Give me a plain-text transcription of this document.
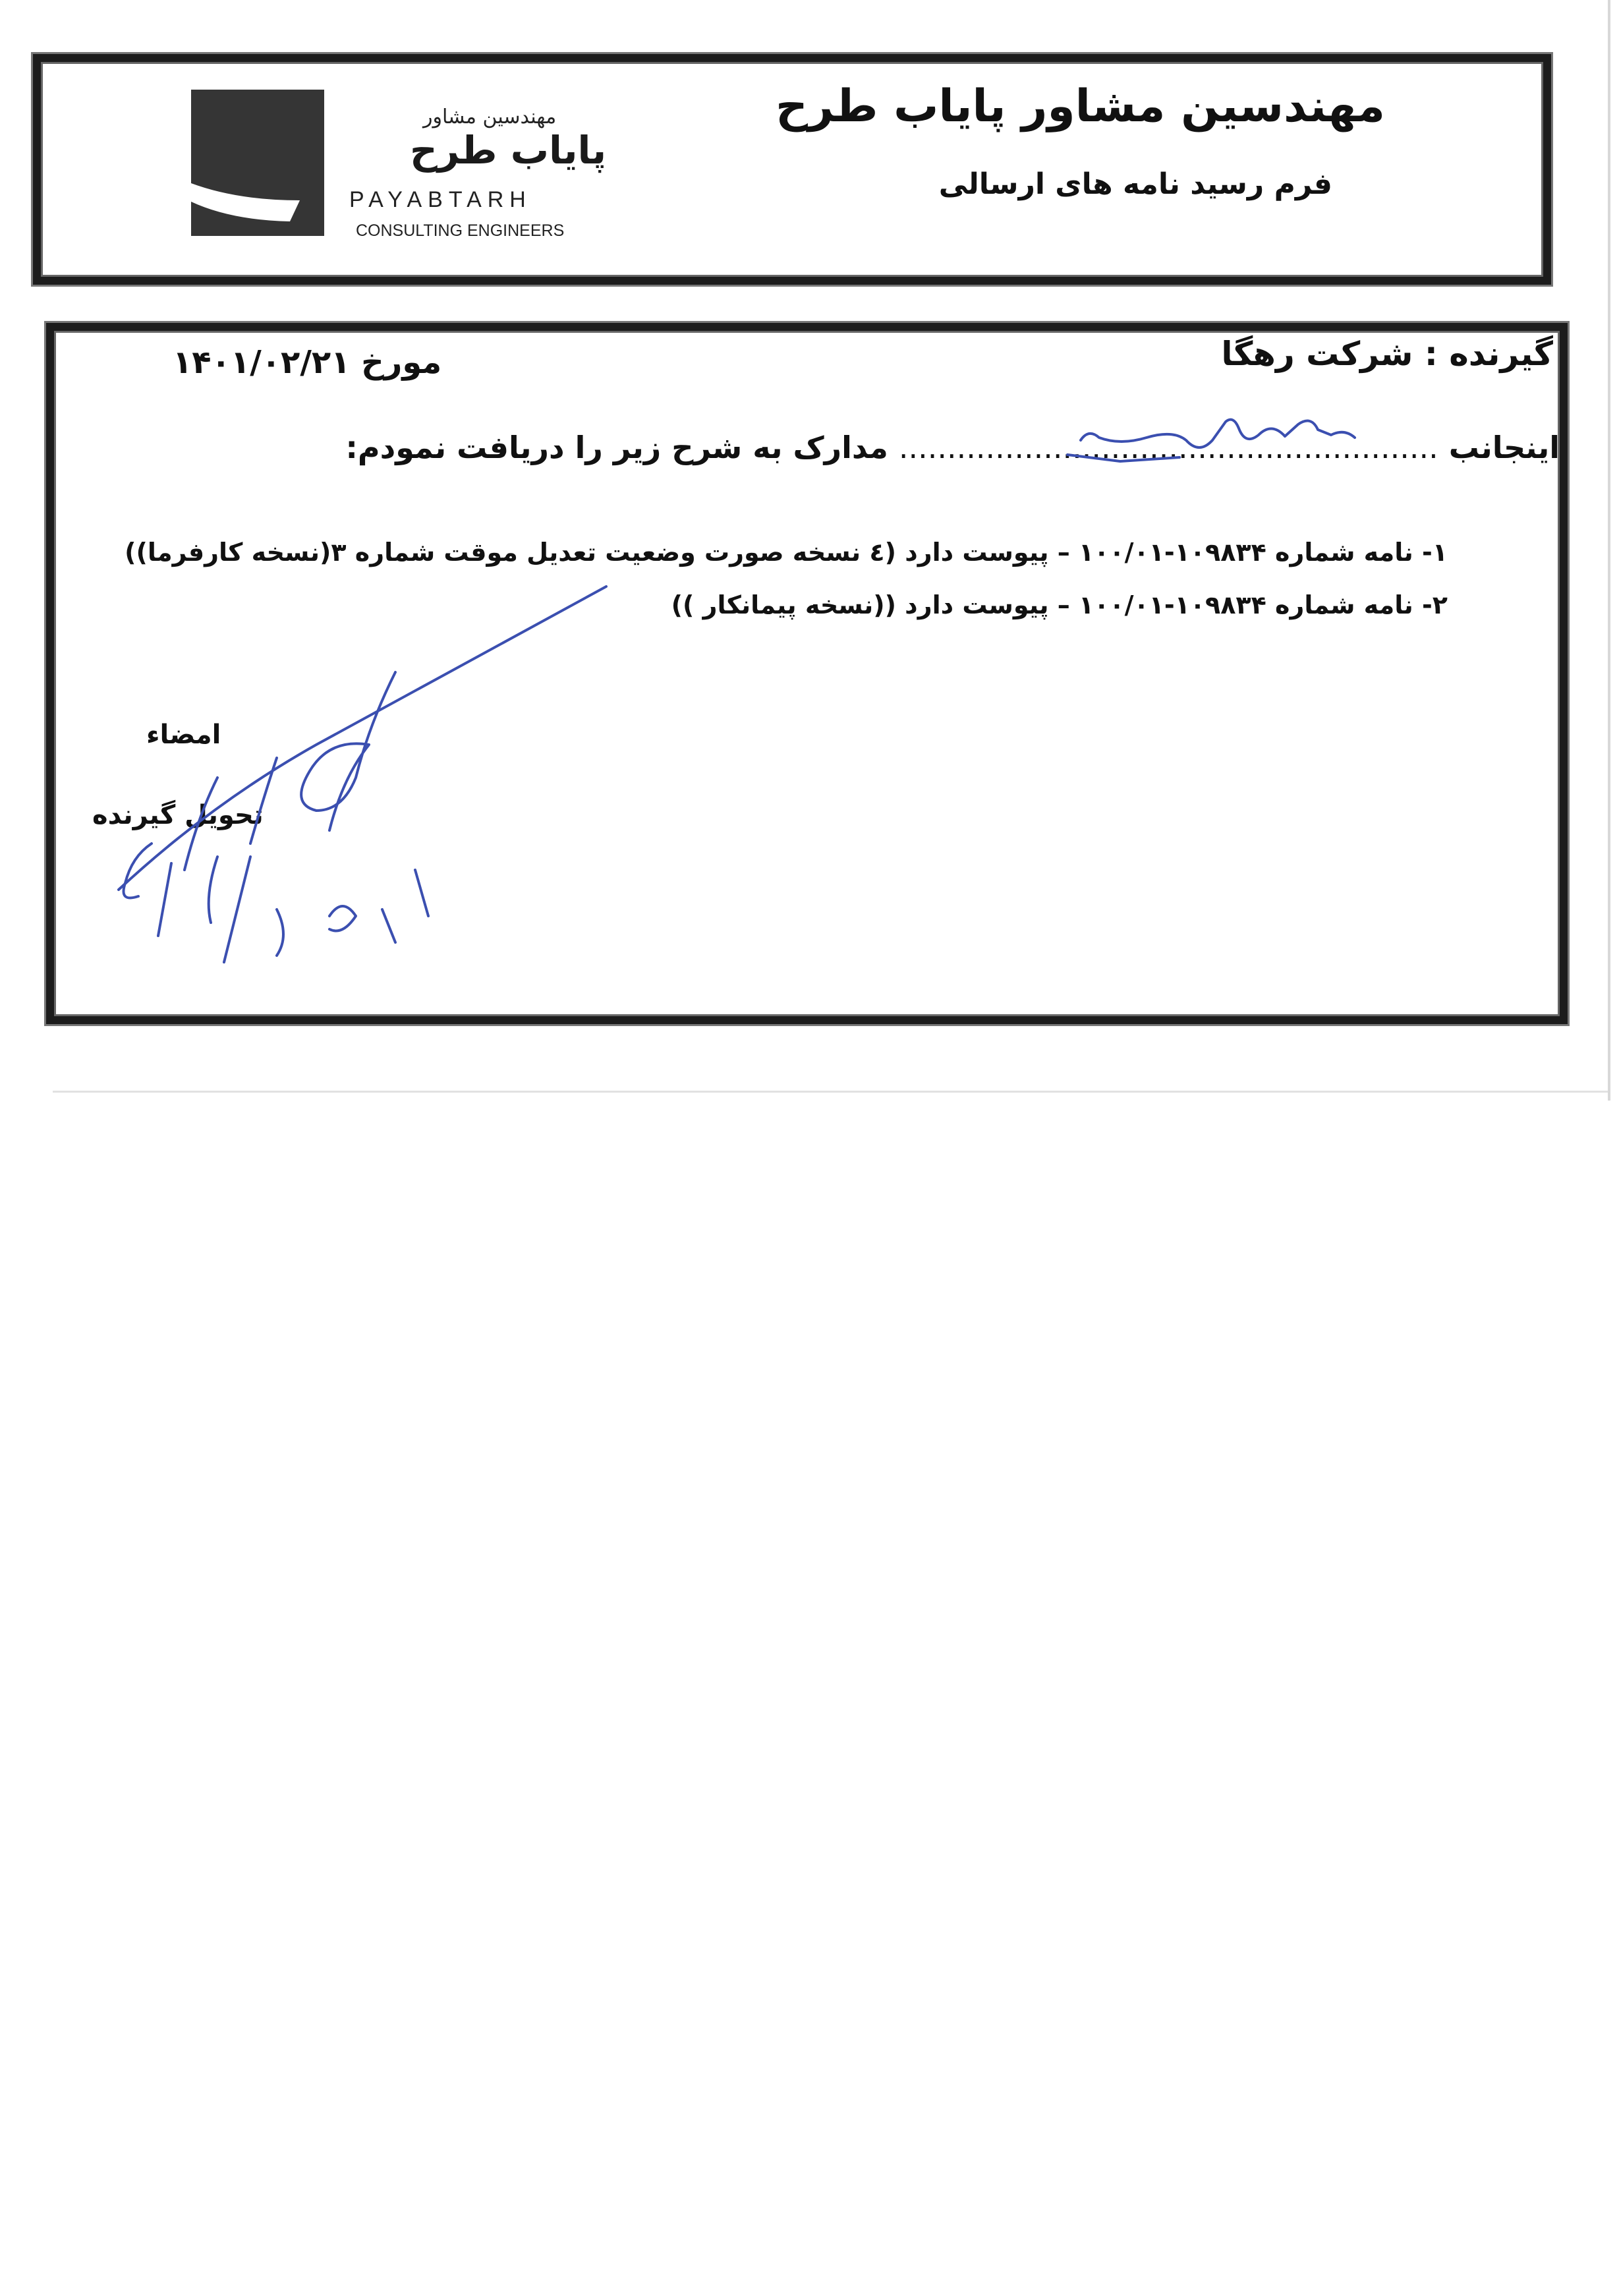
مهندسین مشاور
پایاب طرح
PAYABTARH
CONSULTING ENGINEERS
مهندسین مشاور پایاب طرح
فرم رسید نامه های ارسالی
گیرنده : شرکت رهگا
مورخ ۱۴۰۱/۰۲/۲۱
اینجانب ........................................................ مدارک به شرح زیر را دریافت نمودم:
۱- نامه شماره ۱۰۹۸۳۴-۱۰۰/۰۱ – پیوست دارد (٤ نسخه صورت وضعیت تعدیل موقت شماره ۳(نسخه کارفرما))
۲- نامه شماره ۱۰۹۸۳۴-۱۰۰/۰۱ – پیوست دارد ((نسخه پیمانکار ))
امضاء
تحویل گیرنده
